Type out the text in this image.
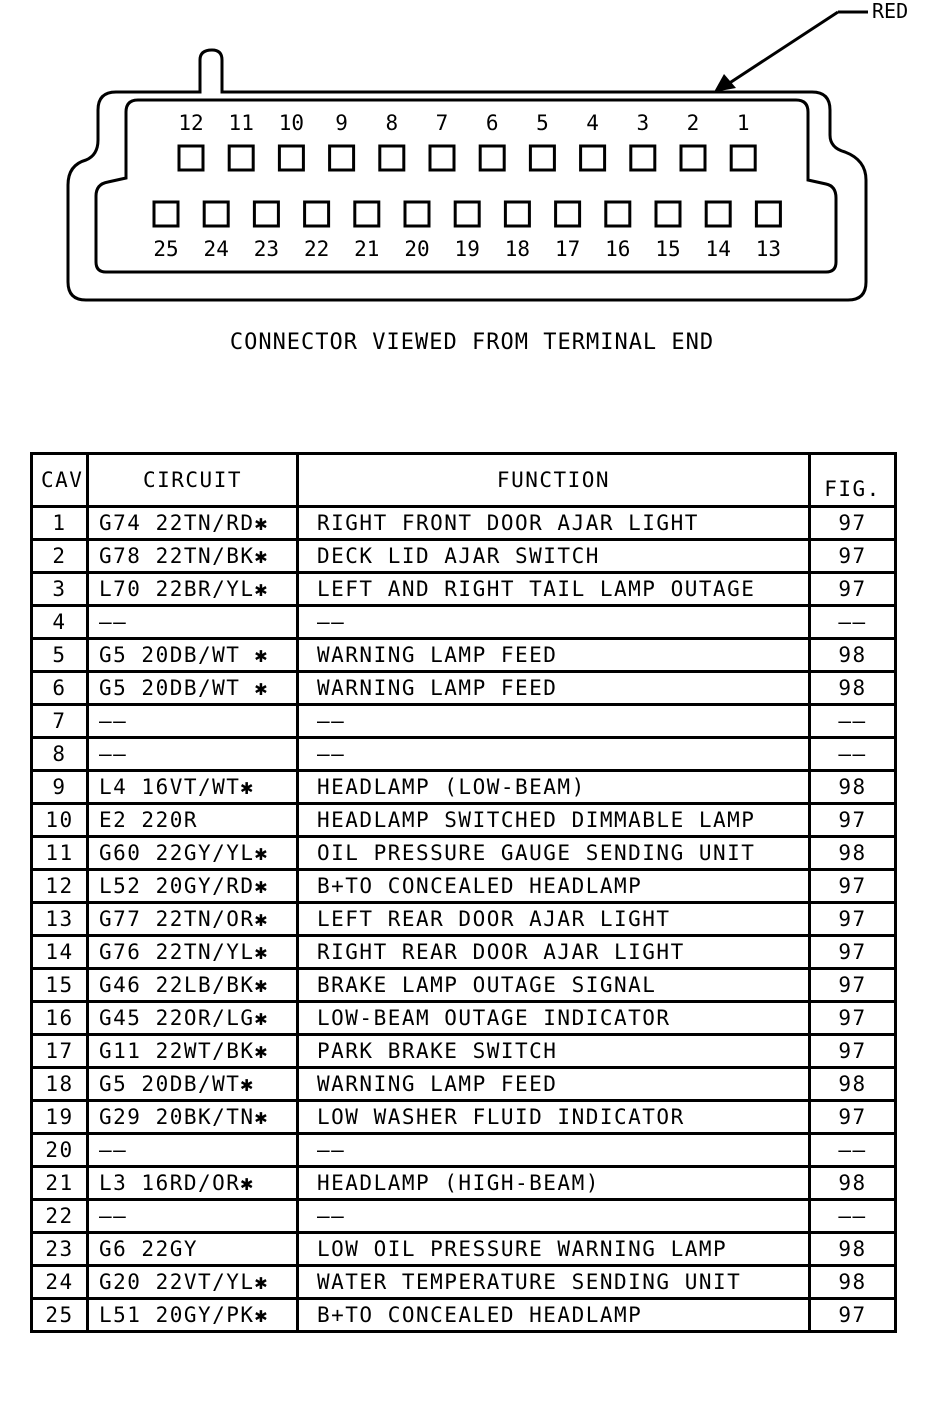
RED
12 11 10 9 8 7 6 5 4 3 2 1
25 24 23 22 21 20 19 18 17 16 15 14 13
CONNECTOR VIEWED FROM TERMINAL END
CAV	CIRCUIT	FUNCTION	FIG.
1	G74 22TN/RD✱	RIGHT FRONT DOOR AJAR LIGHT	97
2	G78 22TN/BK✱	DECK LID AJAR SWITCH	97
3	L70 22BR/YL✱	LEFT AND RIGHT TAIL LAMP OUTAGE	97
4	——	——	——
5	G5 20DB/WT ✱	WARNING LAMP FEED	98
6	G5 20DB/WT ✱	WARNING LAMP FEED	98
7	——	——	——
8	——	——	——
9	L4 16VT/WT✱	HEADLAMP (LOW-BEAM)	98
10	E2 220R	HEADLAMP SWITCHED DIMMABLE LAMP	97
11	G60 22GY/YL✱	OIL PRESSURE GAUGE SENDING UNIT	98
12	L52 20GY/RD✱	B+TO CONCEALED HEADLAMP	97
13	G77 22TN/OR✱	LEFT REAR DOOR AJAR LIGHT	97
14	G76 22TN/YL✱	RIGHT REAR DOOR AJAR LIGHT	97
15	G46 22LB/BK✱	BRAKE LAMP OUTAGE SIGNAL	97
16	G45 22OR/LG✱	LOW-BEAM OUTAGE INDICATOR	97
17	G11 22WT/BK✱	PARK BRAKE SWITCH	97
18	G5 20DB/WT✱	WARNING LAMP FEED	98
19	G29 20BK/TN✱	LOW WASHER FLUID INDICATOR	97
20	——	——	——
21	L3 16RD/OR✱	HEADLAMP (HIGH-BEAM)	98
22	——	——	——
23	G6 22GY	LOW OIL PRESSURE WARNING LAMP	98
24	G20 22VT/YL✱	WATER TEMPERATURE SENDING UNIT	98
25	L51 20GY/PK✱	B+TO CONCEALED HEADLAMP	97
